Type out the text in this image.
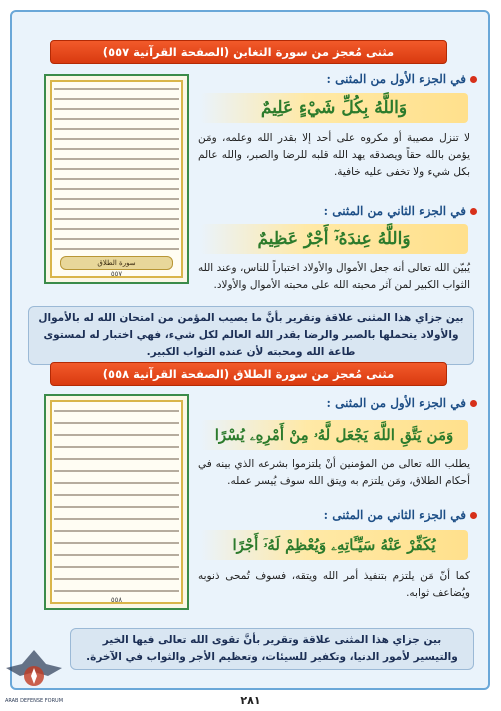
مثنى مُعجز من سورة التغابن (الصفحة القرآنية ٥٥٧)
سورة الطلاق
٥٥٧
في الجزء الأول من المثنى :
وَاللَّهُ بِكُلِّ شَيْءٍ عَلِيمٌ
لا تنزل مصيبة أو مكروه على أحد إلا بقدر الله وعلمه، ومَن يؤمن بالله حقاً ويصدقه يهد الله قلبه للرضا والصبر، والله عالم بكل شيء ولا تخفى عليه خافية.
في الجزء الثاني من المثنى :
وَاللَّهُ عِندَهُۥٓ أَجْرٌ عَظِيمٌ
يُبيّن الله تعالى أنه جعل الأموال والأولاد اختباراً للناس، وعند الله الثواب الكبير لمن آثر محبته الله على محبته الأموال والأولاد.
بين جزاي هذا المثنى علاقة وتقرير بأنَّ ما يصيب المؤمن من امتحان الله له بالأموال والأولاد يتحملها بالصبر والرضا بقدر الله العالم لكل شيء، فهي اختبار له لمستوى طاعة الله ومحبته لأن عنده الثواب الكبير.
مثنى مُعجز من سورة الطلاق (الصفحة القرآنية ٥٥٨)
٥٥٨
في الجزء الأول من المثنى :
وَمَن يَتَّقِ اللَّهَ يَجْعَل لَّهُۥ مِنْ أَمْرِهِۦ يُسْرًا
يطلب الله تعالى من المؤمنين أنْ يلتزموا بشرعه الذي بينه في أحكام الطلاق، ومَن يلتزم به ويتق الله سوف يُيسر عمله.
في الجزء الثاني من المثنى :
يُكَفِّرْ عَنْهُ سَيِّـَٔاتِهِۦ وَيُعْظِمْ لَهُۥٓ أَجْرًا
كما أنّ مَن يلتزم بتنفيذ أمر الله ويتقه، فسوف تُمحى ذنوبه ويُضاعف ثوابه.
بين جزاي هذا المثنى علاقة وتقرير بأنَّ تقوى الله تعالى فيها الخير والتيسير لأمور الدنيا، وتكفير للسيئات، وتعظيم الأجر والثواب في الآخرة.
٢٨١
ARAB DEFENSE FORUM
